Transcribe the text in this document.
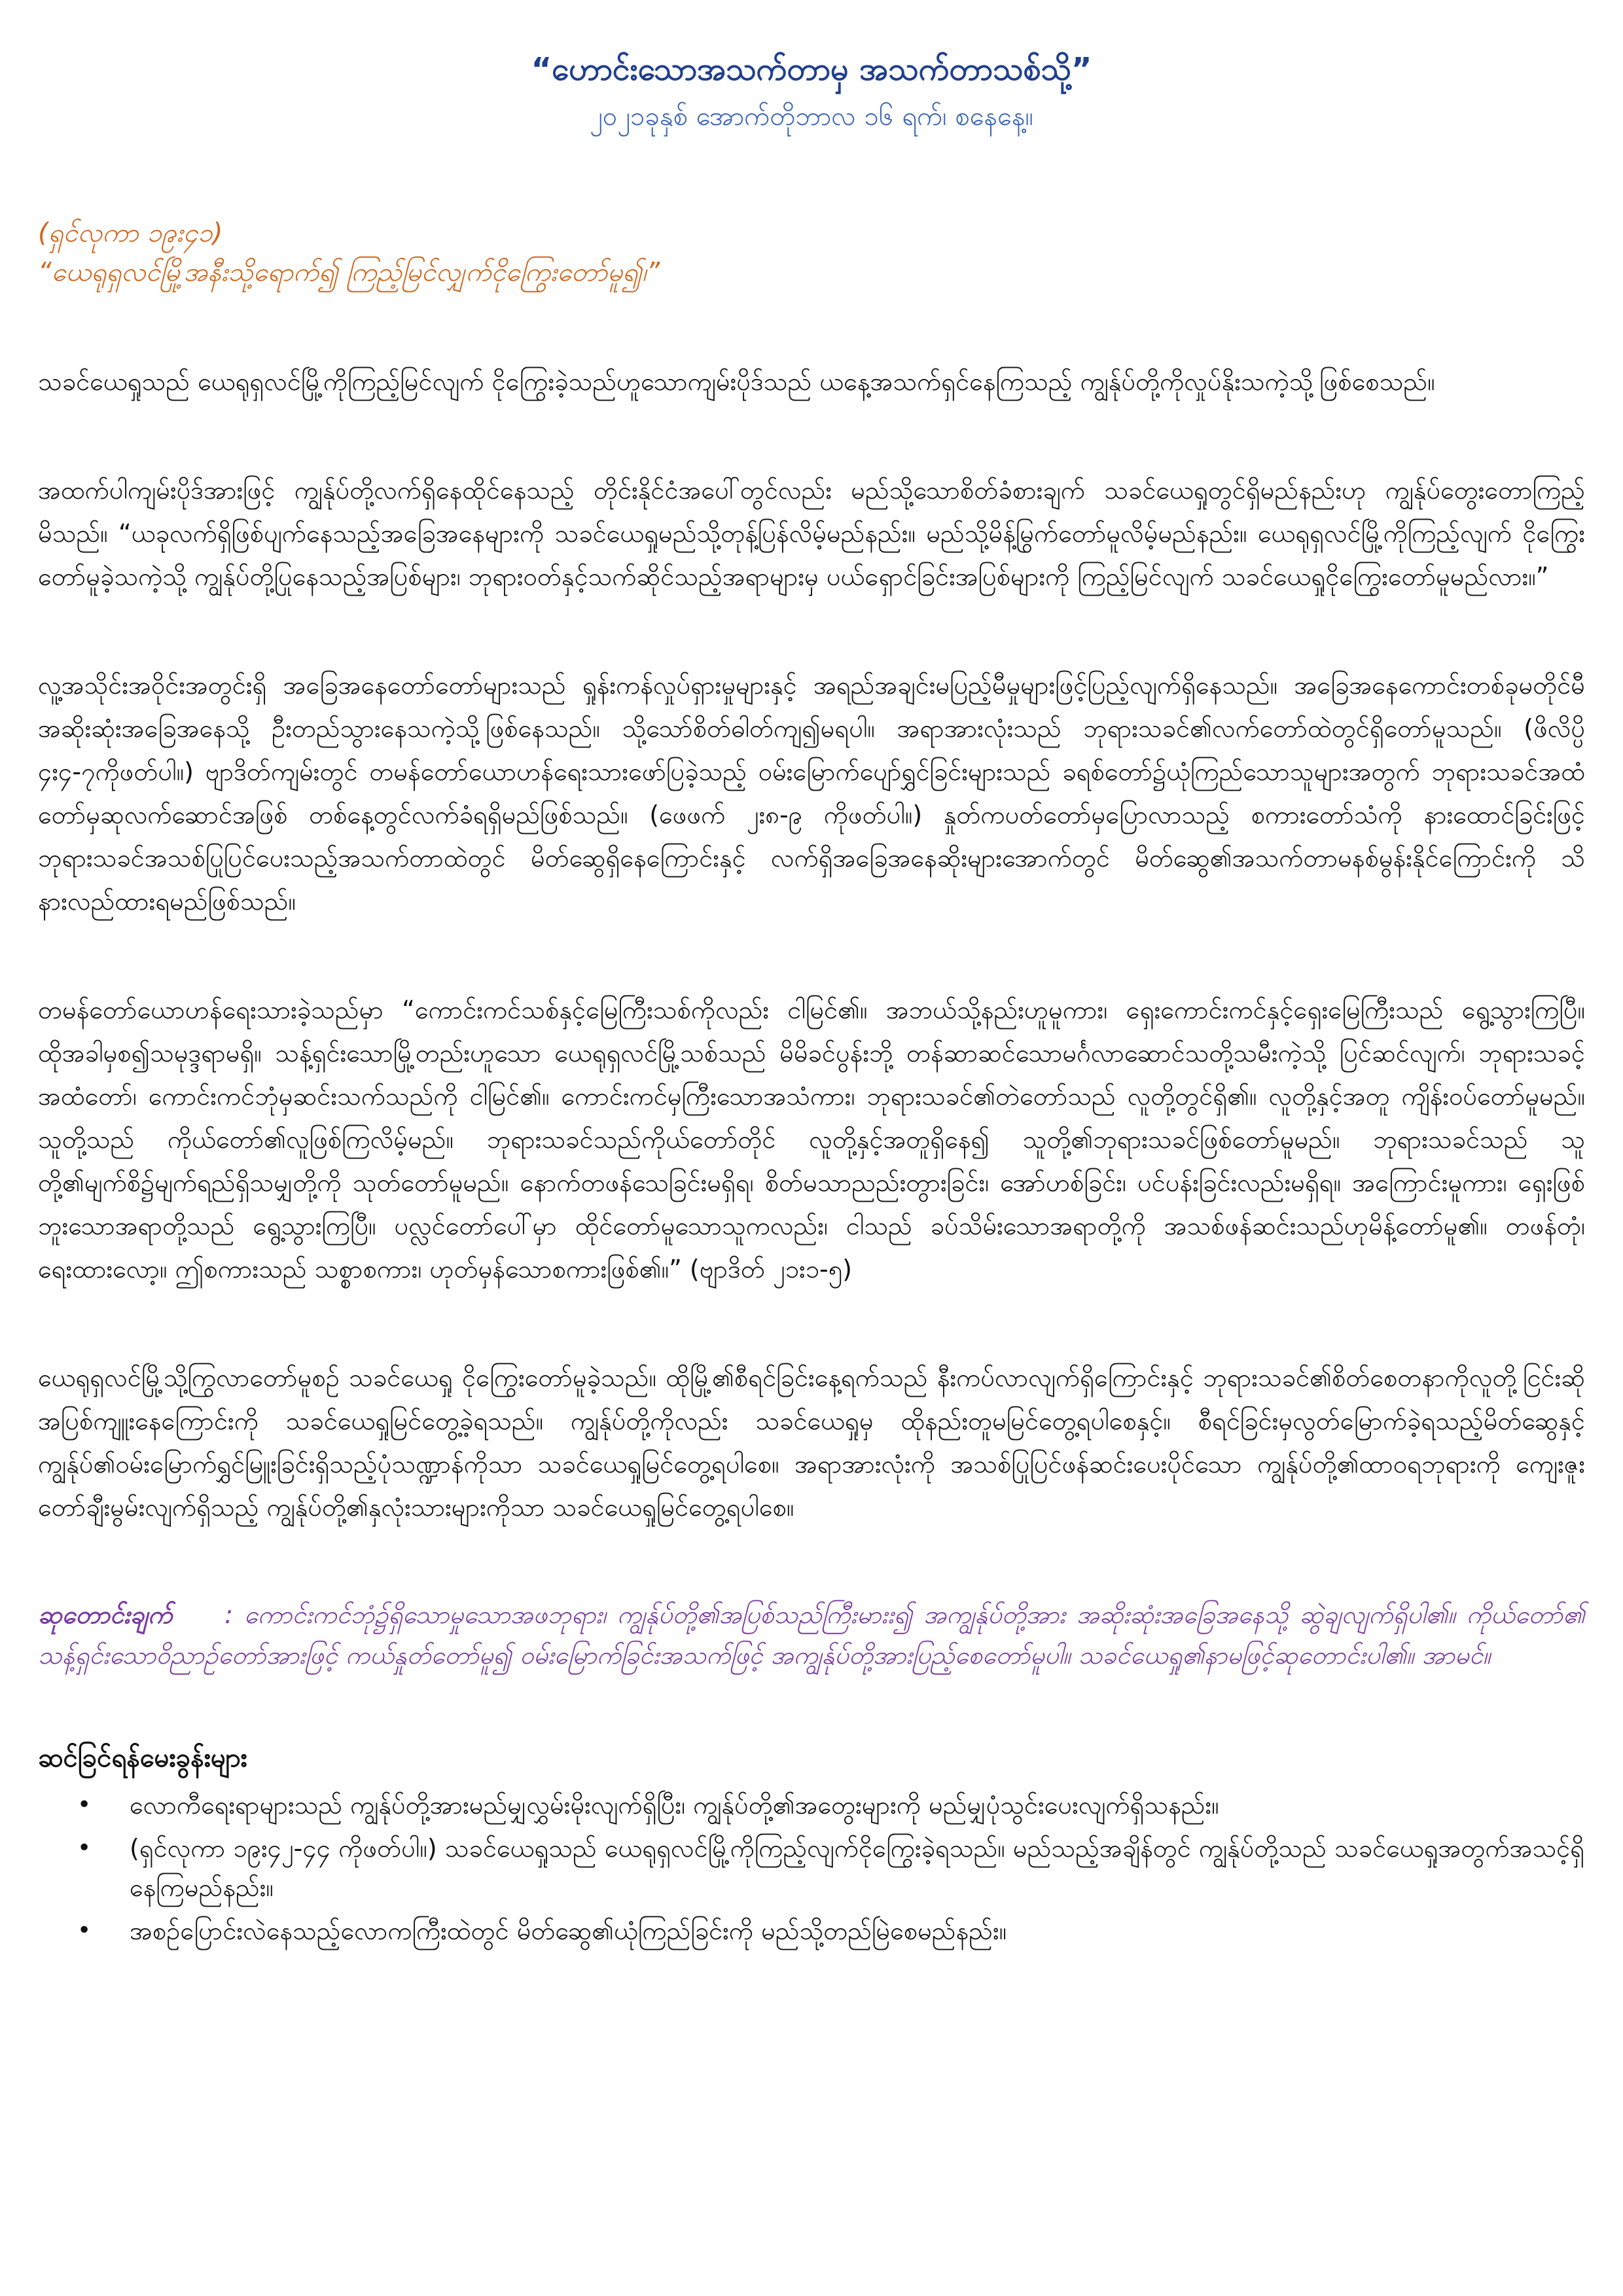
“ဟောင်းသောအသက်တာမှ အသက်တာသစ်သို့”
၂၀၂၁ခုနှစ် အောက်တိုဘာလ ၁၆ ရက်၊ စနေနေ့။
(ရှင်လုကာ ၁၉း၄၁)
“ယေရုရှလင်မြို့အနီးသို့ရောက်၍ ကြည့်မြင်လျှက်ငိုကြွေးတော်မူ၍၊”

သခင်ယေရှုသည် ယေရုရှလင်မြို့ကိုကြည့်မြင်လျက် ငိုကြွေးခဲ့သည်ဟူသောကျမ်းပိုဒ်သည် ယနေ့အသက်ရှင်နေကြသည့် ကျွန်ုပ်တို့ကိုလှုပ်နိုးသကဲ့သို့ဖြစ်စေသည်။

အထက်ပါကျမ်းပိုဒ်အားဖြင့် ကျွန်ုပ်တို့လက်ရှိနေထိုင်နေသည့် တိုင်းနိုင်ငံအပေါ်တွင်လည်း မည်သို့သောစိတ်ခံစားချက် သခင်ယေရှုတွင်ရှိမည်နည်းဟု ကျွန်ုပ်တွေးတောကြည့်မိသည်။ “ယခုလက်ရှိဖြစ်ပျက်နေသည့်အခြေအနေများကို သခင်ယေရှုမည်သို့တုန့်ပြန်လိမ့်မည်နည်း။ မည်သို့မိန့်မြွက်တော်မူလိမ့်မည်နည်း။ ယေရုရှလင်မြို့ကိုကြည့်လျက် ငိုကြွေးတော်မူခဲ့သကဲ့သို့ ကျွန်ုပ်တို့ပြုနေသည့်အပြစ်များ၊ ဘုရားဝတ်နှင့်သက်ဆိုင်သည့်အရာများမှ ပယ်ရှောင်ခြင်းအပြစ်များကို ကြည့်မြင်လျက် သခင်ယေရှုငိုကြွေးတော်မူမည်လား။”

လူ့အသိုင်းအဝိုင်းအတွင်းရှိ အခြေအနေတော်တော်များသည် ရှုန်းကန်လှုပ်ရှားမှုများနှင့် အရည်အချင်းမပြည့်မီမှုများဖြင့်ပြည့်လျက်ရှိနေသည်။ အခြေအနေကောင်းတစ်ခုမတိုင်မီ အဆိုးဆုံးအခြေအနေသို့ ဦးတည်သွားနေသကဲ့သို့ဖြစ်နေသည်။ သို့သော်စိတ်ဓါတ်ကျ၍မရပါ။ အရာအားလုံးသည် ဘုရားသခင်၏လက်တော်ထဲတွင်ရှိတော်မူသည်။ (ဖိလိပ္ပိ ၄း၄-၇ကိုဖတ်ပါ။) ဗျာဒိတ်ကျမ်းတွင် တမန်တော်ယောဟန်ရေးသားဖော်ပြခဲ့သည့် ဝမ်းမြောက်ပျော်ရွှင်ခြင်းများသည် ခရစ်တော်၌ယုံကြည်သောသူများအတွက် ဘုရားသခင်အထံတော်မှဆုလက်ဆောင်အဖြစ် တစ်နေ့တွင်လက်ခံရရှိမည်ဖြစ်သည်။ (ဖေဖက် ၂း၈-၉ ကိုဖတ်ပါ။) နှုတ်ကပတ်တော်မှပြောလာသည့် စကားတော်သံကို နားထောင်ခြင်းဖြင့် ဘုရားသခင်အသစ်ပြုပြင်ပေးသည့်အသက်တာထဲတွင် မိတ်ဆွေရှိနေကြောင်းနှင့် လက်ရှိအခြေအနေဆိုးများအောက်တွင် မိတ်ဆွေ၏အသက်တာမနစ်မွန်းနိုင်ကြောင်းကို သိနားလည်ထားရမည်ဖြစ်သည်။

တမန်တော်ယောဟန်ရေးသားခဲ့သည်မှာ “ကောင်းကင်သစ်နှင့်မြေကြီးသစ်ကိုလည်း ငါမြင်၏။ အဘယ်သို့နည်းဟူမူကား၊ ရှေးကောင်းကင်နှင့်ရှေးမြေကြီးသည် ရွေ့သွားကြပြီ။ ထိုအခါမှစ၍သမုဒ္ဒရာမရှိ။ သန့်ရှင်းသောမြို့တည်းဟူသော ယေရုရှလင်မြို့သစ်သည် မိမိခင်ပွန်းဘို့ တန်ဆာဆင်သောမင်္ဂလာဆောင်သတို့သမီးကဲ့သို့ ပြင်ဆင်လျက်၊ ဘုရားသခင့်အထံတော်၊ ကောင်းကင်ဘုံမှဆင်းသက်သည်ကို ငါမြင်၏။ ကောင်းကင်မှကြီးသောအသံကား၊ ဘုရားသခင်၏တဲတော်သည် လူတို့တွင်ရှိ၏။ လူတို့နှင့်အတူ ကျိန်းဝပ်တော်မူမည်။ သူတို့သည် ကိုယ်တော်၏လူဖြစ်ကြလိမ့်မည်။ ဘုရားသခင်သည်ကိုယ်တော်တိုင် လူတို့နှင့်အတူရှိနေ၍ သူတို့၏ဘုရားသခင်ဖြစ်တော်မူမည်။ ဘုရားသခင်သည် သူတို့၏မျက်စိ၌မျက်ရည်ရှိသမျှတို့ကို သုတ်တော်မူမည်။ နောက်တဖန်သေခြင်းမရှိရ၊ စိတ်မသာညည်းတွားခြင်း၊ အော်ဟစ်ခြင်း၊ ပင်ပန်းခြင်းလည်းမရှိရ။ အကြောင်းမူကား၊ ရှေးဖြစ်ဘူးသောအရာတို့သည် ရွေ့သွားကြပြီ။ ပလ္လင်တော်ပေါ်မှာ ထိုင်တော်မူသောသူကလည်း၊ ငါသည် ခပ်သိမ်းသောအရာတို့ကို အသစ်ဖန်ဆင်းသည်ဟုမိန့်တော်မူ၏။ တဖန်တုံ၊ ရေးထားလော့။ ဤစကားသည် သစ္စာစကား၊ ဟုတ်မှန်သောစကားဖြစ်၏။” (ဗျာဒိတ် ၂၁း၁-၅)

ယေရုရှလင်မြို့သို့ကြွလာတော်မူစဉ် သခင်ယေရှု ငိုကြွေးတော်မူခဲ့သည်။ ထိုမြို့၏စီရင်ခြင်းနေ့ရက်သည် နီးကပ်လာလျက်ရှိကြောင်းနှင့် ဘုရားသခင်၏စိတ်စေတနာကိုလူတို့ငြင်းဆိုအပြစ်ကျူးနေကြောင်းကို သခင်ယေရှုမြင်တွေ့ခဲ့ရသည်။ ကျွန်ုပ်တို့ကိုလည်း သခင်ယေရှုမှ ထိုနည်းတူမမြင်တွေ့ရပါစေနှင့်။ စီရင်ခြင်းမှလွတ်မြောက်ခဲ့ရသည့်မိတ်ဆွေနှင့်ကျွန်ုပ်၏ဝမ်းမြောက်ရွှင်မြူးခြင်းရှိသည့်ပုံသဏ္ဍာန်ကိုသာ သခင်ယေရှုမြင်တွေ့ရပါစေ။ အရာအားလုံးကို အသစ်ပြုပြင်ဖန်ဆင်းပေးပိုင်သော ကျွန်ုပ်တို့၏ထာဝရဘုရားကို ကျေးဇူးတော်ချီးမွမ်းလျက်ရှိသည့် ကျွန်ုပ်တို့၏နှလုံးသားများကိုသာ သခင်ယေရှုမြင်တွေ့ရပါစေ။

ဆုတောင်းချက် : ကောင်းကင်ဘုံ၌ရှိသောမှုသောအဖဘုရား၊ ကျွန်ုပ်တို့၏အပြစ်သည်ကြီးမားး၍ အကျွန်ုပ်တို့အား အဆိုးဆုံးအခြေအနေသို့ ဆွဲချလျက်ရှိပါ၏။ ကိုယ်တော်၏ သန့်ရှင်းသောဝိညာဉ်တော်အားဖြင့် ကယ်နှုတ်တော်မူ၍ ဝမ်းမြောက်ခြင်းအသက်ဖြင့် အကျွန်ုပ်တို့အားပြည့်စေတော်မူပါ။ သခင်ယေရှု၏နာမဖြင့်ဆုတောင်းပါ၏။ အာမင်။
ဆင်ခြင်ရန်မေးခွန်းများ
• လောကီရေးရာများသည် ကျွန်ုပ်တို့အားမည်မျှလွှမ်းမိုးလျက်ရှိပြီး၊ ကျွန်ုပ်တို့၏အတွေးများကို မည်မျှပုံသွင်းပေးလျက်ရှိသနည်း။
• (ရှင်လုကာ ၁၉း၄၂-၄၄ ကိုဖတ်ပါ။) သခင်ယေရှုသည် ယေရုရှလင်မြို့ကိုကြည့်လျက်ငိုကြွေးခဲ့ရသည်။ မည်သည့်အချိန်တွင် ကျွန်ုပ်တို့သည် သခင်ယေရှုအတွက်အသင့်ရှိနေကြမည်နည်း။
• အစဉ်ပြောင်းလဲနေသည့်လောကကြီးထဲတွင် မိတ်ဆွေ၏ယုံကြည်ခြင်းကို မည်သို့တည်မြဲစေမည်နည်း။
